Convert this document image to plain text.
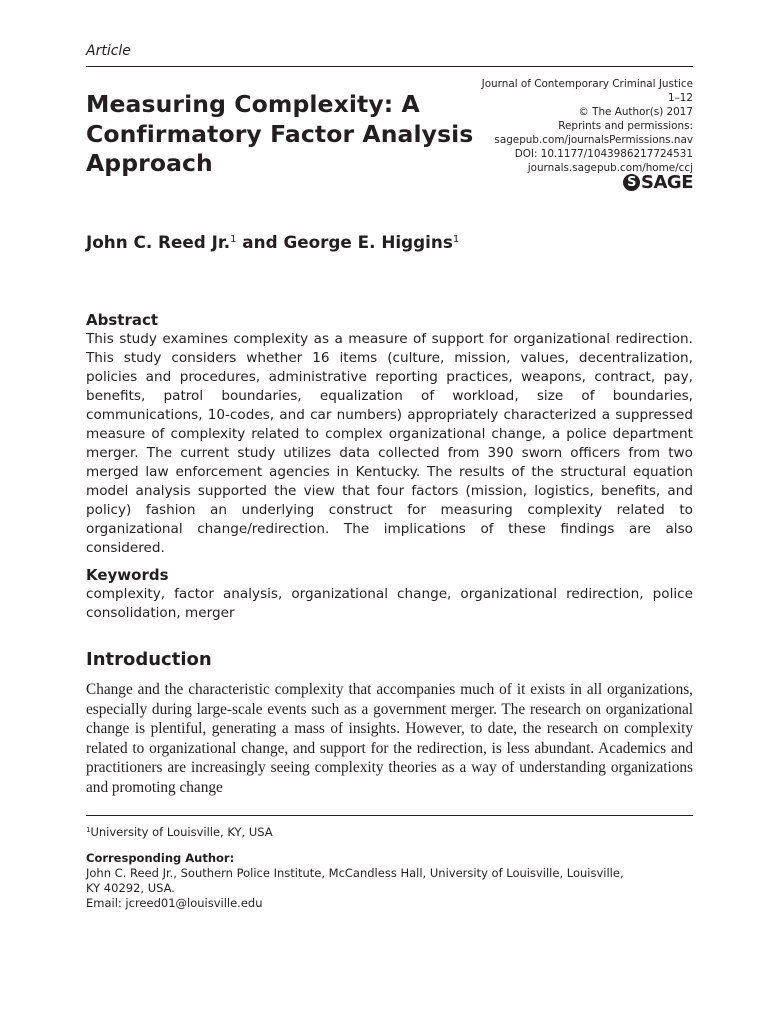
Article
Journal of Contemporary Criminal Justice
1–12
© The Author(s) 2017
Reprints and permissions:
sagepub.com/journalsPermissions.nav
DOI: 10.1177/1043986217724531
journals.sagepub.com/home/ccj
S SAGE
Measuring Complexity: A
Confirmatory Factor Analysis
Approach
John C. Reed Jr.$^1$ and George E. Higgins$^1$
Abstract
This study examines complexity as a measure of support for organizational redirection. This study considers whether 16 items (culture, mission, values, decentralization, policies and procedures, administrative reporting practices, weapons, contract, pay, benefits, patrol boundaries, equalization of workload, size of boundaries, communications, 10-codes, and car numbers) appropriately characterized a suppressed measure of complexity related to complex organizational change, a police department merger. The current study utilizes data collected from 390 sworn officers from two merged law enforcement agencies in Kentucky. The results of the structural equation model analysis supported the view that four factors (mission, logistics, benefits, and policy) fashion an underlying construct for measuring complexity related to organizational change/redirection. The implications of these findings are also considered.
Keywords
complexity, factor analysis, organizational change, organizational redirection, police consolidation, merger
Introduction
Change and the characteristic complexity that accompanies much of it exists in all organizations, especially during large-scale events such as a government merger. The research on organizational change is plentiful, generating a mass of insights. However, to date, the research on complexity related to organizational change, and support for the redirection, is less abundant. Academics and practitioners are increasingly seeing complexity theories as a way of understanding organizations and promoting change
$^1$University of Louisville, KY, USA
Corresponding Author:
John C. Reed Jr., Southern Police Institute, McCandless Hall, University of Louisville, Louisville,
KY 40292, USA.
Email: jcreed01@louisville.edu
